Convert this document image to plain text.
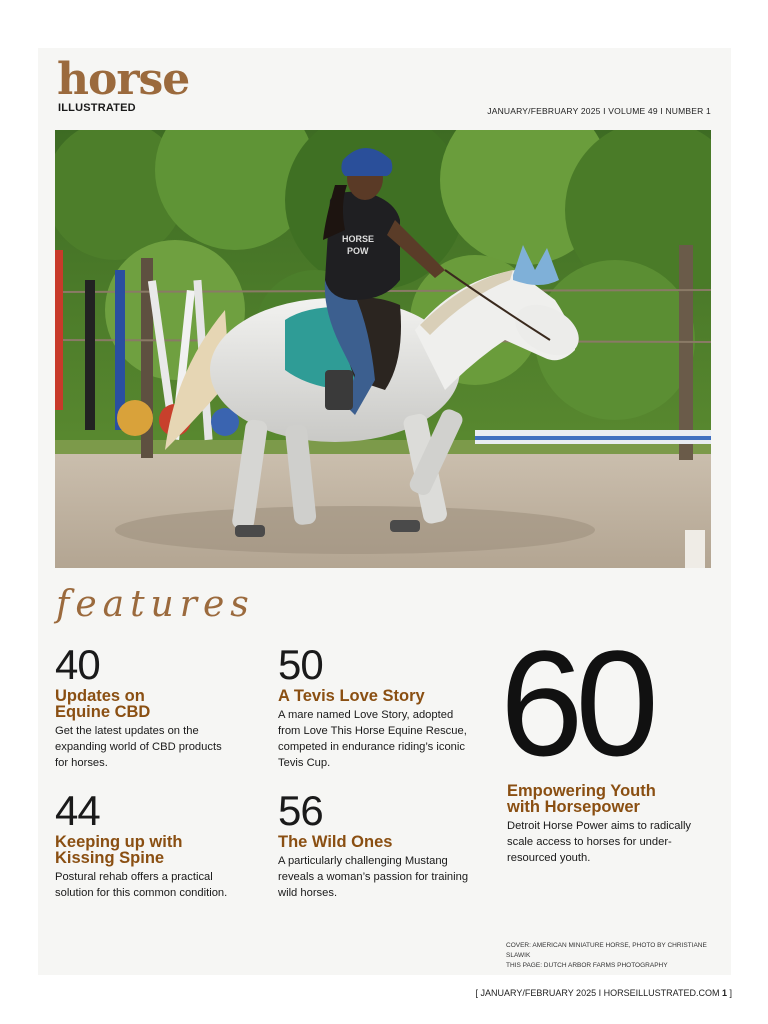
horse
ILLUSTRATED	JANUARY/FEBRUARY 2025 I VOLUME 49 I NUMBER 1
HORSE
POW
features
40
Updates on
Equine CBD
Get the latest updates on the
expanding world of CBD products
for horses.
50
A Tevis Love Story
A mare named Love Story, adopted
from Love This Horse Equine Rescue,
competed in endurance riding’s iconic
Tevis Cup.
44
Keeping up with
Kissing Spine
Postural rehab offers a practical
solution for this common condition.
56
The Wild Ones
A particularly challenging Mustang
reveals a woman’s passion for training
wild horses.
60
Empowering Youth
with Horsepower
Detroit Horse Power aims to radically
scale access to horses for under-
resourced youth.
COVER: AMERICAN MINIATURE HORSE, PHOTO BY CHRISTIANE SLAWIK
THIS PAGE: DUTCH ARBOR FARMS PHOTOGRAPHY
[ JANUARY/FEBRUARY 2025 I HORSEILLUSTRATED.COM 1 ]
